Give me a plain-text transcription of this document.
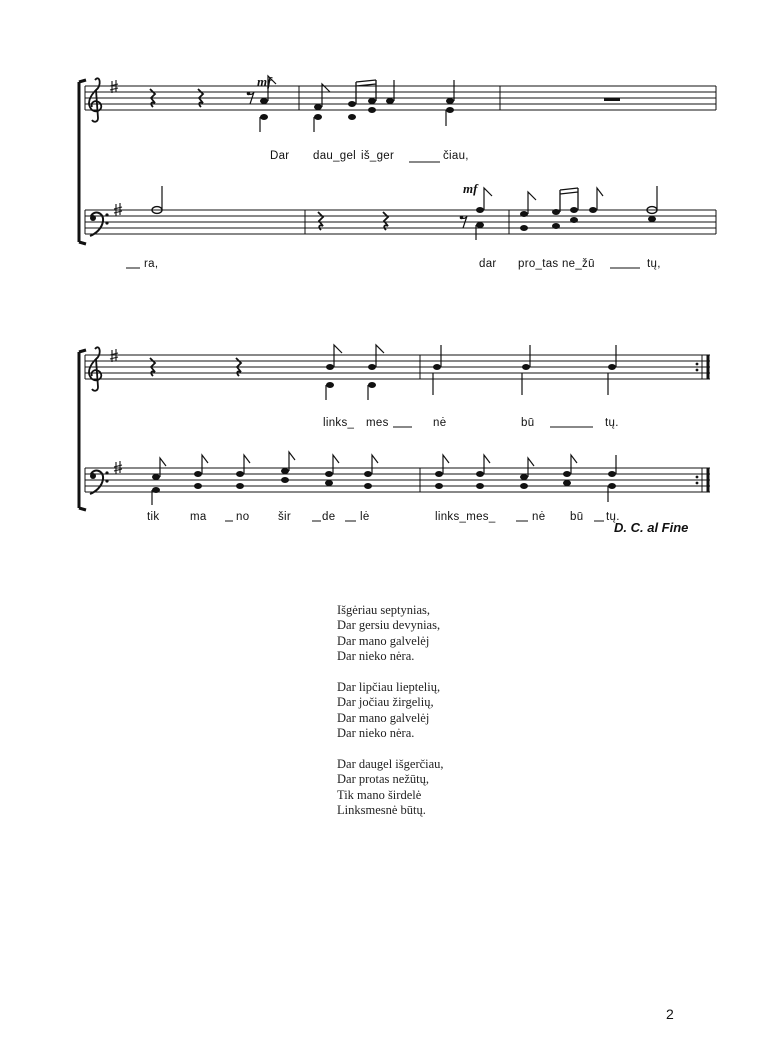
mf
mf
Dar dau_gel iš_ger	čiau,
ra,	dar pro_tas ne_žū	tų,
links_ mes	nė	bū	tų.
tik	ma	no šir	de lė	links_mes_	nė bū tų.
D. C. al Fine
Išgėriau septynias,
Dar gersiu devynias,
Dar mano galvelėj
Dar nieko nėra.
Dar lipčiau lieptelių,
Dar jočiau žirgelių,
Dar mano galvelėj
Dar nieko nėra.
Dar daugel išgerčiau,
Dar protas nežūtų,
Tik mano širdelė
Linksmesnė būtų.
2
